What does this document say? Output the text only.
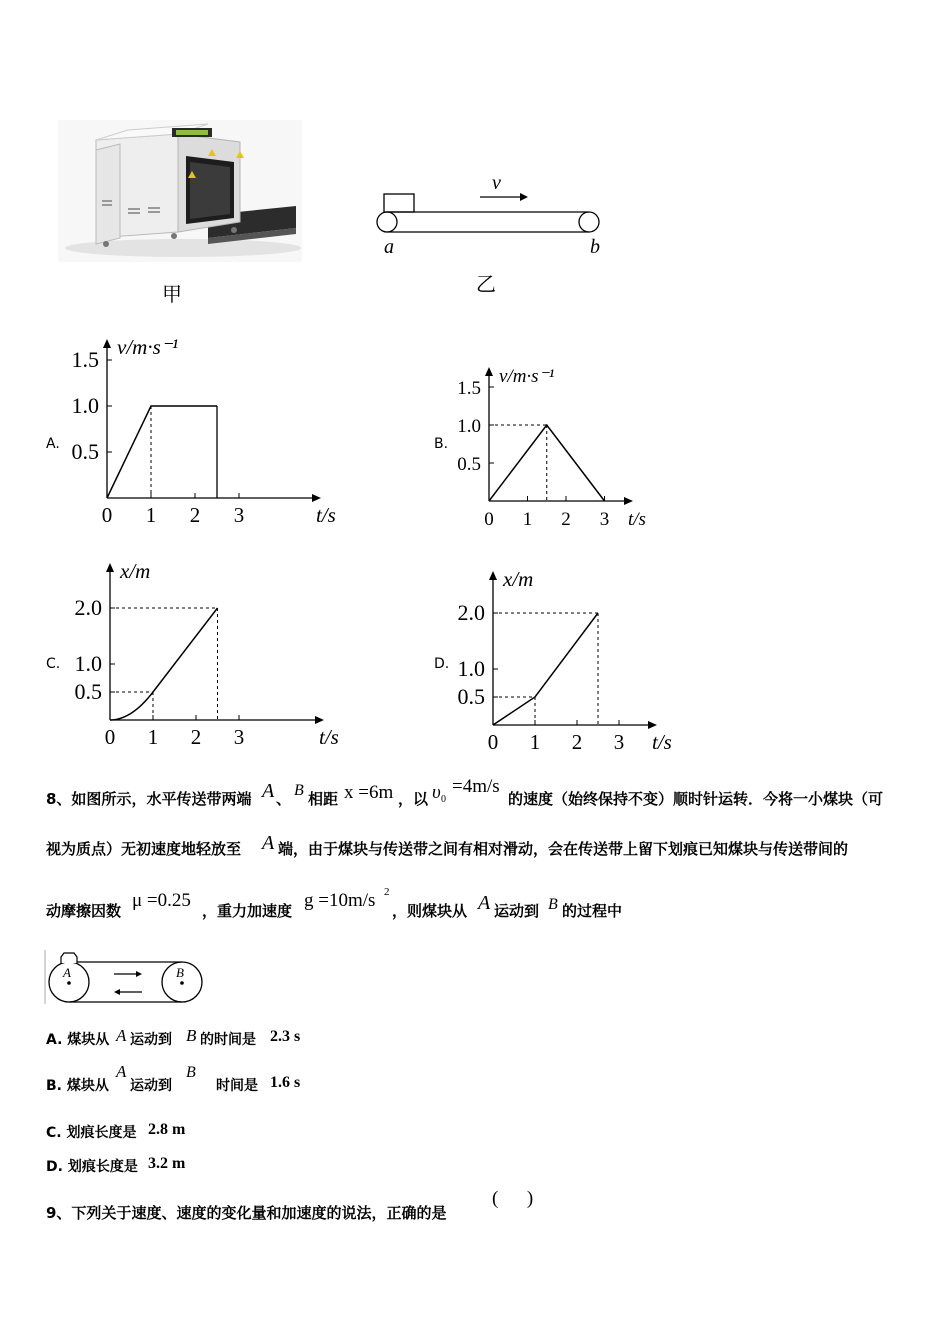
甲
v
a	b
乙
A.
v/m·s⁻¹
t/s
1.5
1.0
0.5
0 1 2 3
B.
v/m·s⁻¹
t/s
1.5
1.0
0.5
0 1 2 3
C.
x/m
t/s
2.0
1.0
0.5
0 1 2 3
D.
x/m
t/s
2.0
1.0
0.5
0 1 2 3
8、如图所示，水平传送带两端 A 、 B 相距 x =6m ，以 υ 0
=4m/s
的速度（始终保持不变）顺时针运转．今将一小煤块（可
视为质点）无初速度地轻放至 A 端，由于煤块与传送带之间有相对滑动，会在传送带上留下划痕已知煤块与传送带间的
动摩擦因数 μ =0.25 ，重力加速度 g =10m/s 2
，则煤块从 A 运动到 B 的过程中
A	B
A. 煤块从 A 运动到 B 的时间是 2.3 s
B. 煤块从
A
运动到
B
时间是 1.6 s
C. 划痕长度是 2.8 m
D. 划痕长度是 3.2 m
9、下列关于速度、速度的变化量和加速度的说法，正确的是
(      )
